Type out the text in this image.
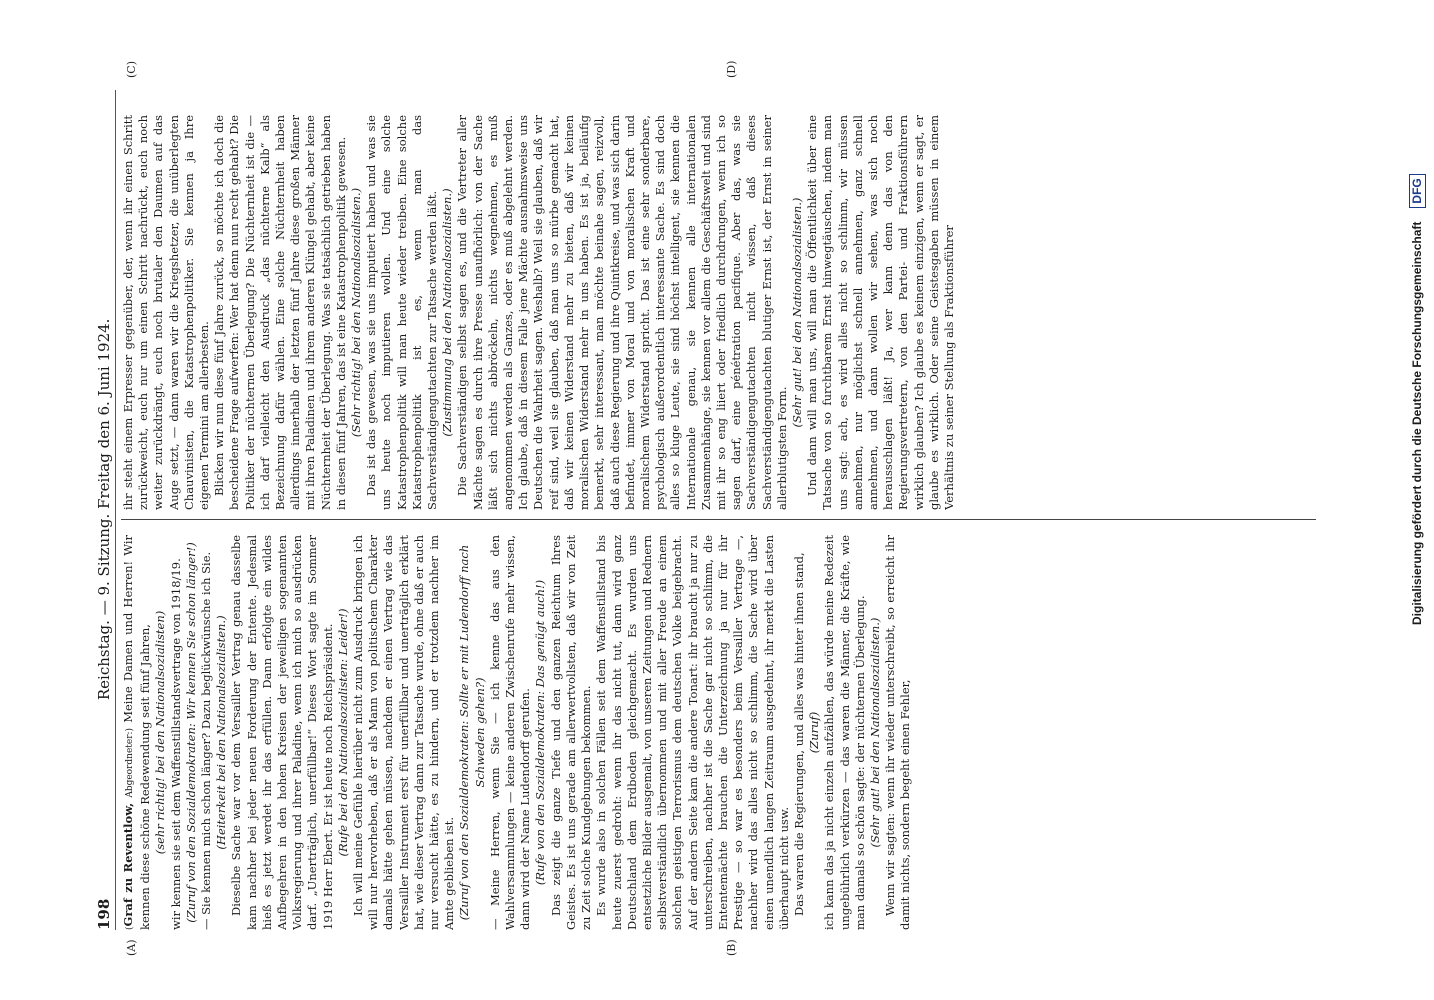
198
Reichstag. — 9. Sitzung. Freitag den 6. Juni 1924.
(A)	(B)
(C)	(D)

(Graf zu Reventlow, Abgeordneter:) Meine Damen und Herren! Wir kennen diese schöne Redewendung seit fünf Jahren, (sehr richtig! bei den Nationalsozialisten) wir kennen sie seit dem Waffenstillstandsvertrage von 1918/19. (Zuruf von den Sozialdemokraten: Wir kennen Sie schon länger!) — Sie kennen mich schon länger? Dazu beglückwünsche ich Sie. (Heiterkeit bei den Nationalsozialisten.) Dieselbe Sache war vor dem Versailler Vertrag genau dasselbe kam nachher bei jeder neuen Forderung der Entente. Jedesmal hieß es jetzt werdet ihr das erfüllen. Dann erfolgte ein wildes Aufbegehren in den hohen Kreisen der jeweiligen sogenannten Volksregierung und ihrer Paladine, wenn ich mich so ausdrücken darf. „Unerträglich, unerfüllbar!“ Dieses Wort sagte im Sommer 1919 Herr Ebert. Er ist heute noch Reichspräsident. (Rufe bei den Nationalsozialisten: Leider!) Ich will meine Gefühle hierüber nicht zum Ausdruck bringen ich will nur hervorheben, daß er als Mann von politischem Charakter damals hätte gehen müssen, nachdem er einen Vertrag wie das Versailler Instrument erst für unerfüllbar und unerträglich erklärt hat, wie dieser Vertrag dann zur Tatsache wurde, ohne daß er auch nur versucht hätte, es zu hindern, und er trotzdem nachher im Amte geblieben ist. (Zuruf von den Sozialdemokraten: Sollte er mit Ludendorff nach Schweden gehen?) — Meine Herren, wenn Sie — ich kenne das aus den Wahlversammlungen — keine anderen Zwischenrufe mehr wissen, dann wird der Name Ludendorff gerufen. (Rufe von den Sozialdemokraten: Das genügt auch!) Das zeigt die ganze Tiefe und den ganzen Reichtum Ihres Geistes. Es ist uns gerade am allerwertvollsten, daß wir von Zeit zu Zeit solche Kundgebungen bekommen. Es wurde also in solchen Fällen seit dem Waffenstillstand bis heute zuerst gedroht: wenn ihr das nicht tut, dann wird ganz Deutschland dem Erdboden gleichgemacht. Es wurden uns entsetzliche Bilder ausgemalt, von unseren Zeitungen und Rednern selbstverständlich übernommen und mit aller Freude an einem solchen geistigen Terrorismus dem deutschen Volke beigebracht. Auf der andern Seite kam die andere Tonart: ihr braucht ja nur zu unterschreiben, nachher ist die Sache gar nicht so schlimm, die Ententemächte brauchen die Unterzeichnung ja nur für ihr Prestige — so war es besonders beim Versailler Vertrage —, nachher wird das alles nicht so schlimm, die Sache wird über einen unendlich langen Zeitraum ausgedehnt, ihr merkt die Lasten überhaupt nicht usw. Das waren die Regierungen, und alles was hinter ihnen stand, (Zuruf) ich kann das ja nicht einzeln aufzählen, das würde meine Redezeit ungebührlich verkürzen — das waren die Männer, die Kräfte, wie man damals so schön sagte: der nüchternen Überlegung. (Sehr gut! bei den Nationalsozialisten.) Wenn wir sagten: wenn ihr wieder unterschreibt, so erreicht ihr damit nichts, sondern begeht einen Fehler,

ihr steht einem Erpresser gegenüber, der, wenn ihr einen Schritt zurückweicht, euch nur um einen Schritt nachrückt, euch noch weiter zurückdrängt, euch noch brutaler den Daumen auf das Auge setzt, — dann waren wir die Kriegshetzer, die unüberlegten Chauvinisten, die Katastrophenpolitiker. Sie kennen ja Ihre eigenen Termini am allerbesten. Blicken wir nun diese fünf Jahre zurück, so möchte ich doch die bescheidene Frage aufwerfen: Wer hat denn nun recht gehabt? Die Politiker der nüchternen Überlegung? Die Nüchternheit ist die — ich darf vielleicht den Ausdruck „das nüchterne Kalb“ als Bezeichnung dafür wählen. Eine solche Nüchternheit haben allerdings innerhalb der letzten fünf Jahre diese großen Männer mit ihren Paladinen und ihrem anderen Klüngel gehabt, aber keine Nüchternheit der Überlegung. Was sie tatsächlich getrieben haben in diesen fünf Jahren, das ist eine Katastrophenpolitik gewesen. (Sehr richtig! bei den Nationalsozialisten.) Das ist das gewesen, was sie uns imputiert haben und was sie uns heute noch imputieren wollen. Und eine solche Katastrophenpolitik will man heute wieder treiben. Eine solche Katastrophenpolitik ist es, wenn man das Sachverständigengutachten zur Tatsache werden läßt. (Zustimmung bei den Nationalsozialisten.) Die Sachverständigen selbst sagen es, und die Vertreter aller Mächte sagen es durch ihre Presse unaufhörlich: von der Sache läßt sich nichts abbröckeln, nichts wegnehmen, es muß angenommen werden als Ganzes, oder es muß abgelehnt werden. Ich glaube, daß in diesem Falle jene Mächte ausnahmsweise uns Deutschen die Wahrheit sagen. Weshalb? Weil sie glauben, daß wir reif sind, weil sie glauben, daß man uns so mürbe gemacht hat, daß wir keinen Widerstand mehr zu bieten, daß wir keinen moralischen Widerstand mehr in uns haben. Es ist ja, beiläufig bemerkt, sehr interessant, man möchte beinahe sagen, reizvoll, daß auch diese Regierung und ihre Quintkreise, und was sich darin befindet, immer von Moral und von moralischen Kraft und moralischem Widerstand spricht. Das ist eine sehr sonderbare, psychologisch außerordentlich interessante Sache. Es sind doch alles so kluge Leute, sie sind höchst intelligent, sie kennen die Internationale genau, sie kennen alle internationalen Zusammenhänge, sie kennen vor allem die Geschäftswelt und sind mit ihr so eng liiert oder friedlich durchdrungen, wenn ich so sagen darf, eine pénétration pacifique. Aber das, was sie Sachverständigengutachten nicht wissen, daß dieses Sachverständigengutachten blutiger Ernst ist, der Ernst in seiner allerblutigsten Form.

(Sehr gut! bei den Nationalsozialisten.) Und dann will man uns, will man die Öffentlichkeit über eine Tatsache von so furchtbarem Ernst hinwegtäuschen, indem man uns sagt: ach, es wird alles nicht so schlimm, wir müssen annehmen, nur möglichst schnell annehmen, ganz schnell annehmen, und dann wollen wir sehen, was sich noch herausschlagen läßt! Ja, wer kann denn das von den Regierungsvertretern, von den Partei- und Fraktionsführern wirklich glauben? Ich glaube es keinem einzigen, wenn er sagt, er glaube es wirklich. Oder seine Geistesgaben müssen in einem Verhältnis zu seiner Stellung als Fraktionsführer	Digitalisierung gefördert durch die Deutsche Forschungsgemeinschaft
DFG
